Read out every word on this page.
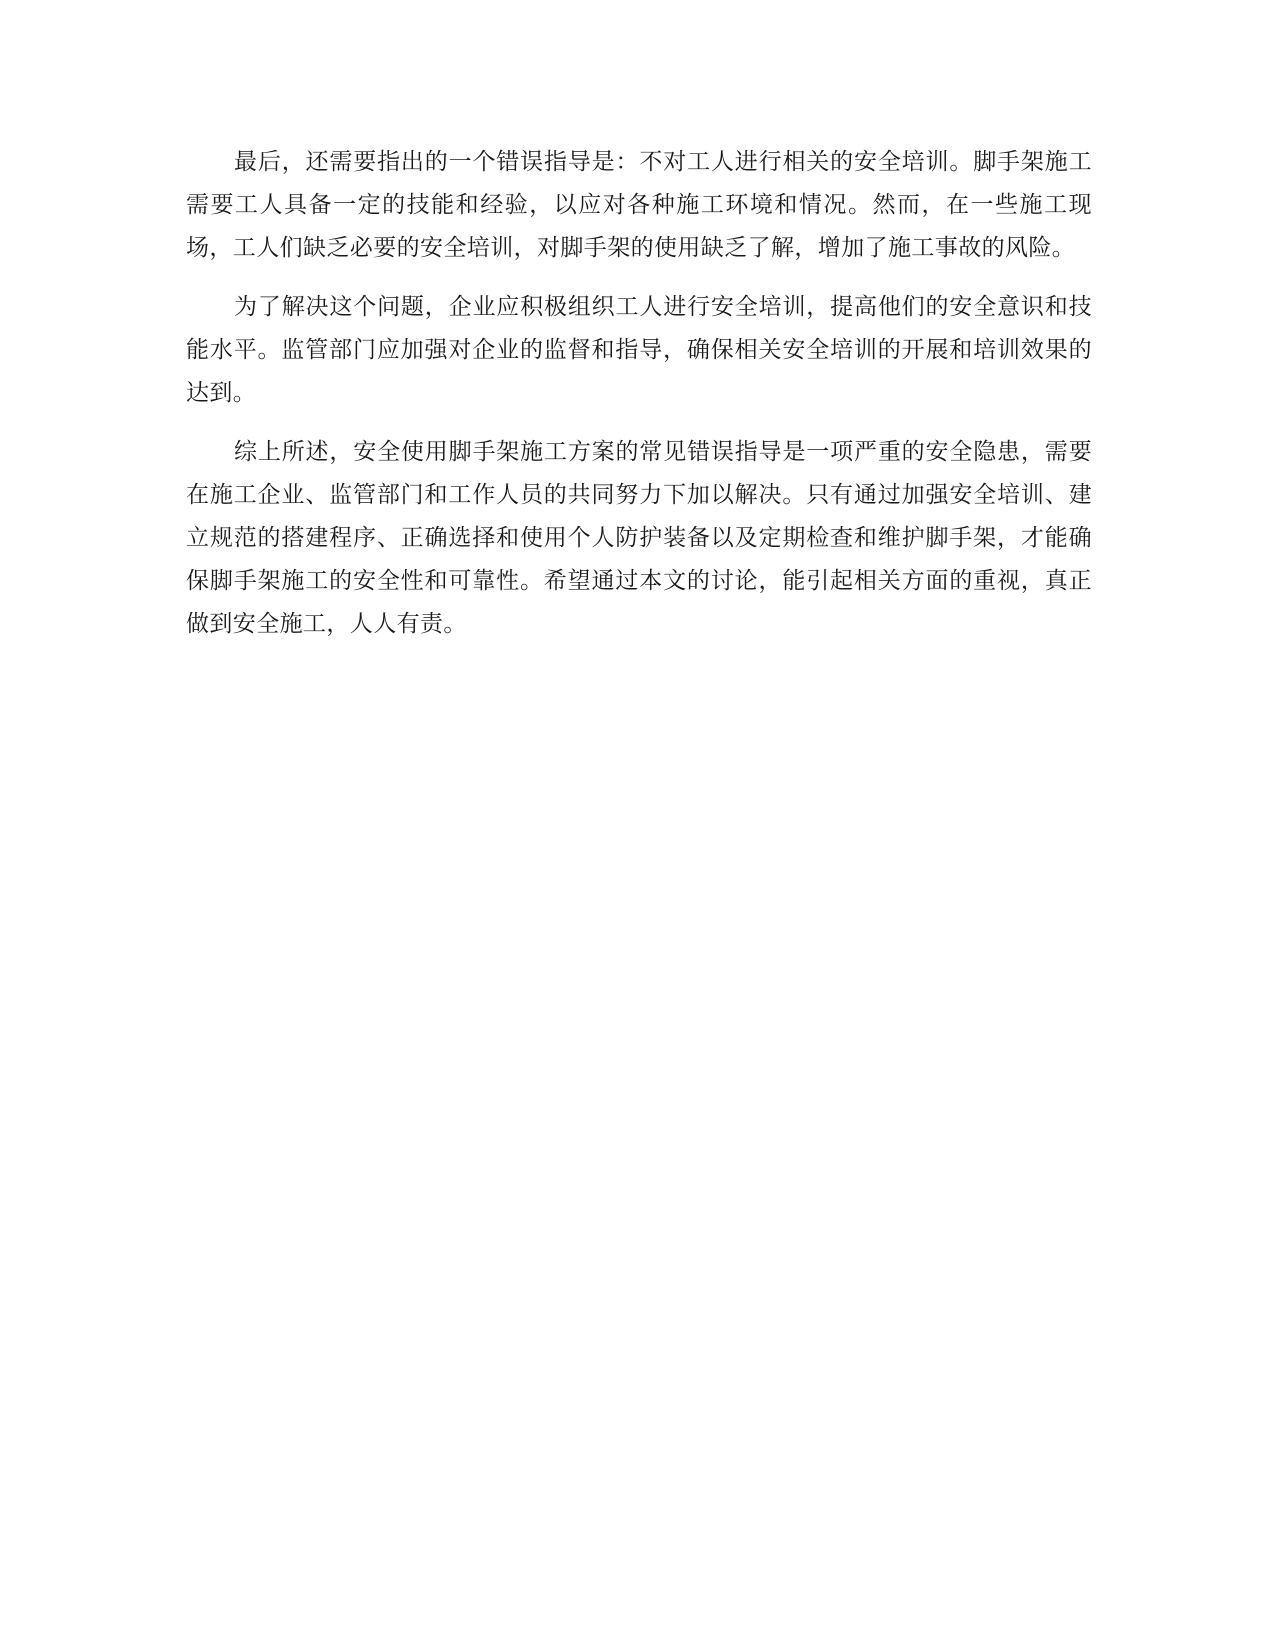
最后，还需要指出的一个错误指导是：不对工人进行相关的安全培训。脚手架施工需要工人具备一定的技能和经验，以应对各种施工环境和情况。然而，在一些施工现场，工人们缺乏必要的安全培训，对脚手架的使用缺乏了解，增加了施工事故的风险。

为了解决这个问题，企业应积极组织工人进行安全培训，提高他们的安全意识和技能水平。监管部门应加强对企业的监督和指导，确保相关安全培训的开展和培训效果的达到。

综上所述，安全使用脚手架施工方案的常见错误指导是一项严重的安全隐患，需要在施工企业、监管部门和工作人员的共同努力下加以解决。只有通过加强安全培训、建立规范的搭建程序、正确选择和使用个人防护装备以及定期检查和维护脚手架，才能确保脚手架施工的安全性和可靠性。希望通过本文的讨论，能引起相关方面的重视，真正做到安全施工，人人有责。
